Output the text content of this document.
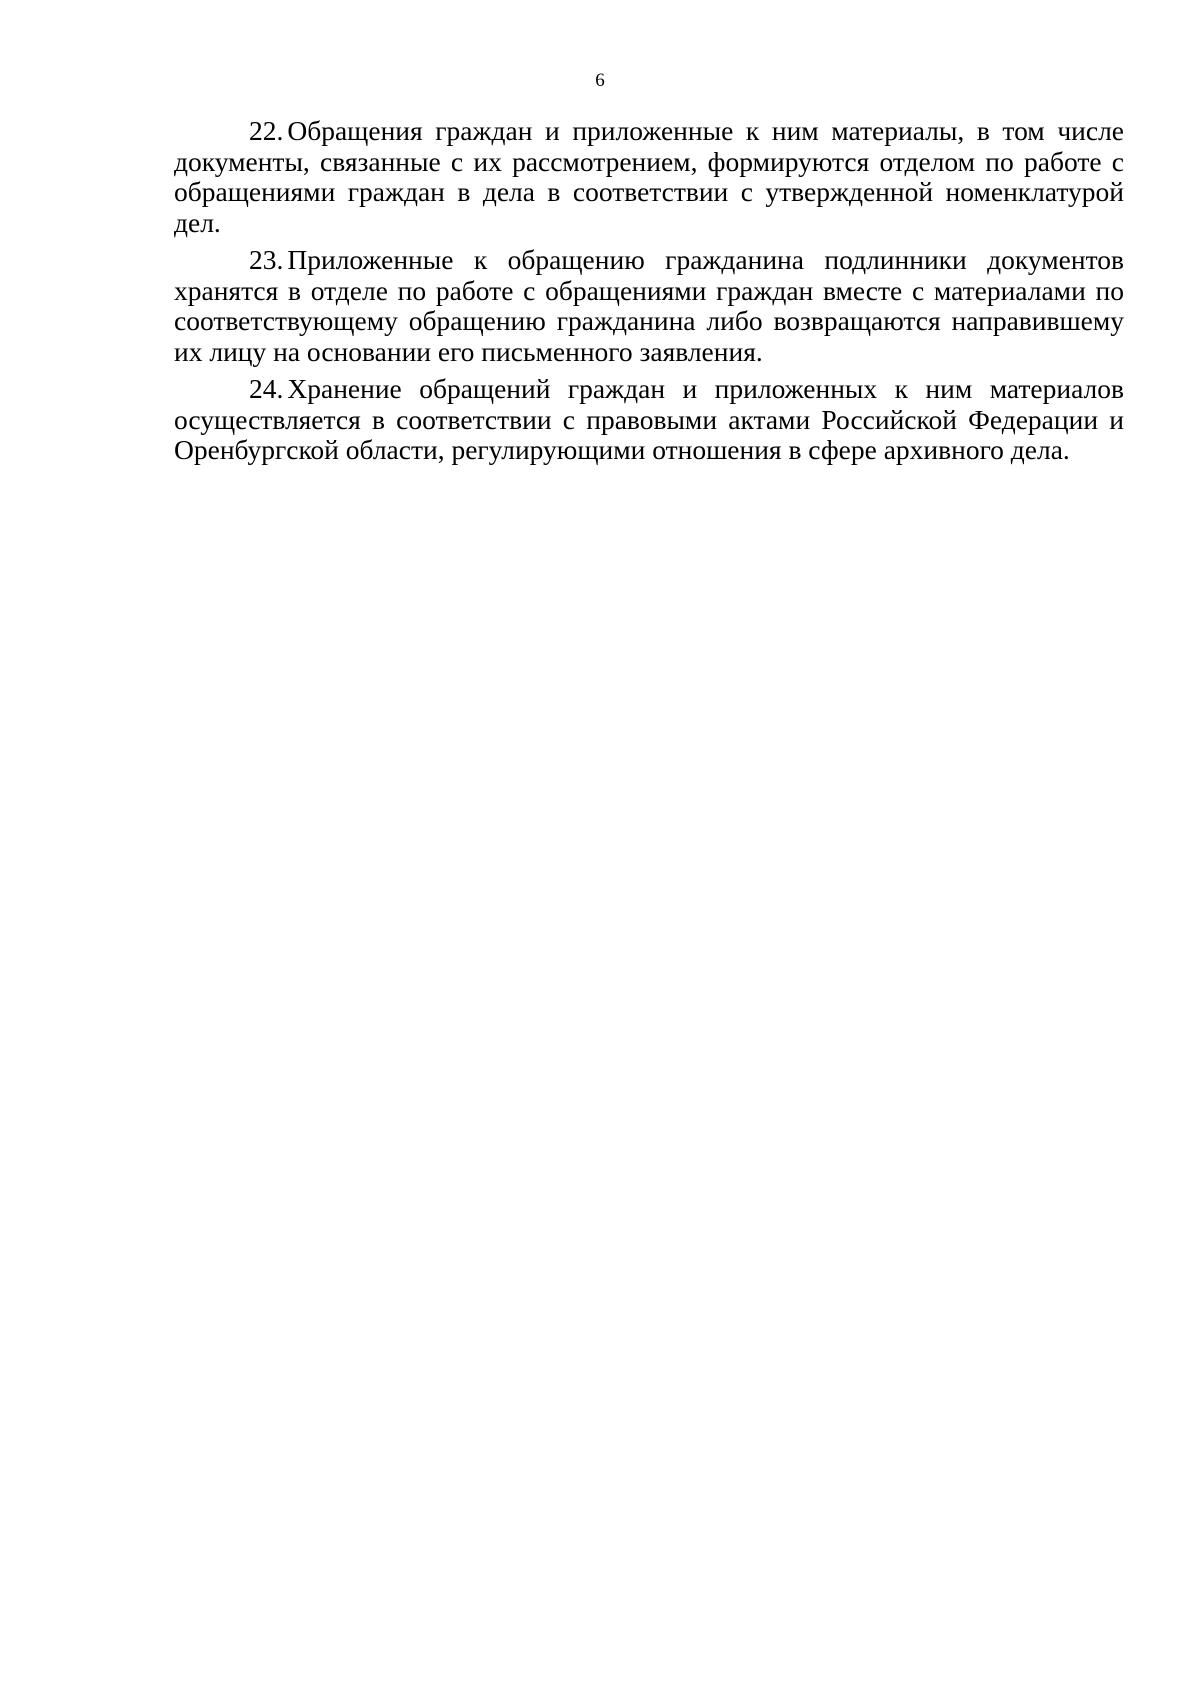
6

22. Обращения граждан и приложенные к ним материалы, в том числе документы, связанные с их рассмотрением, формируются отделом по работе с обращениями граждан в дела в соответствии с утвержденной номенклатурой дел.

23. Приложенные к обращению гражданина подлинники документов хранятся в отделе по работе с обращениями граждан вместе с материалами по соответствующему обращению гражданина либо возвращаются направившему их лицу на основании его письменного заявления.

24. Хранение обращений граждан и приложенных к ним материалов осуществляется в соответствии с правовыми актами Российской Федерации и Оренбургской области, регулирующими отношения в сфере архивного дела.
